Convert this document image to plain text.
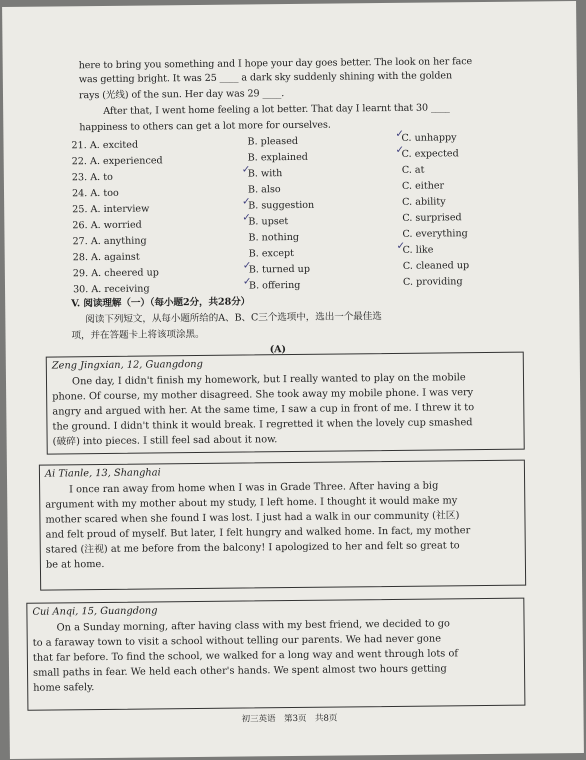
here to bring you something and I hope your day goes better. The look on her face
was getting bright. It was 25 ____ a dark sky suddenly shining with the golden
rays (光线) of the sun. Her day was 29 ____.
After that, I went home feeling a lot better. That day I learnt that 30 ____
happiness to others can get a lot more for ourselves.
21. A. excited
22. A. experienced
23. A. to
24. A. too
25. A. interview
26. A. worried
27. A. anything
28. A. against
29. A. cheered up
30. A. receiving
B. pleased
B. explained
B. with
B. also
B. suggestion
B. upset
B. nothing
B. except
B. turned up
B. offering
C. unhappy
C. expected
C. at
C. either
C. ability
C. surprised
C. everything
C. like
C. cleaned up
C. providing
✓
✓
✓
✓
✓
✓
✓
✓
V. 阅读理解（一）（每小题2分，共28分）
阅读下列短文，从每小题所给的A、B、C三个选项中，选出一个最佳选
项，并在答题卡上将该项涂黑。
(A)
Zeng Jingxian, 12, Guangdong
One day, I didn't finish my homework, but I really wanted to play on the mobile
phone. Of course, my mother disagreed. She took away my mobile phone. I was very
angry and argued with her. At the same time, I saw a cup in front of me. I threw it to
the ground. I didn't think it would break. I regretted it when the lovely cup smashed
(破碎) into pieces. I still feel sad about it now.
Ai Tianle, 13, Shanghai
I once ran away from home when I was in Grade Three. After having a big
argument with my mother about my study, I left home. I thought it would make my
mother scared when she found I was lost. I just had a walk in our community (社区)
and felt proud of myself. But later, I felt hungry and walked home. In fact, my mother
stared (注视) at me before from the balcony! I apologized to her and felt so great to
be at home.
Cui Anqi, 15, Guangdong
On a Sunday morning, after having class with my best friend, we decided to go
to a faraway town to visit a school without telling our parents. We had never gone
that far before. To find the school, we walked for a long way and went through lots of
small paths in fear. We held each other's hands. We spent almost two hours getting
home safely.
初三英语　第3页　共8页
